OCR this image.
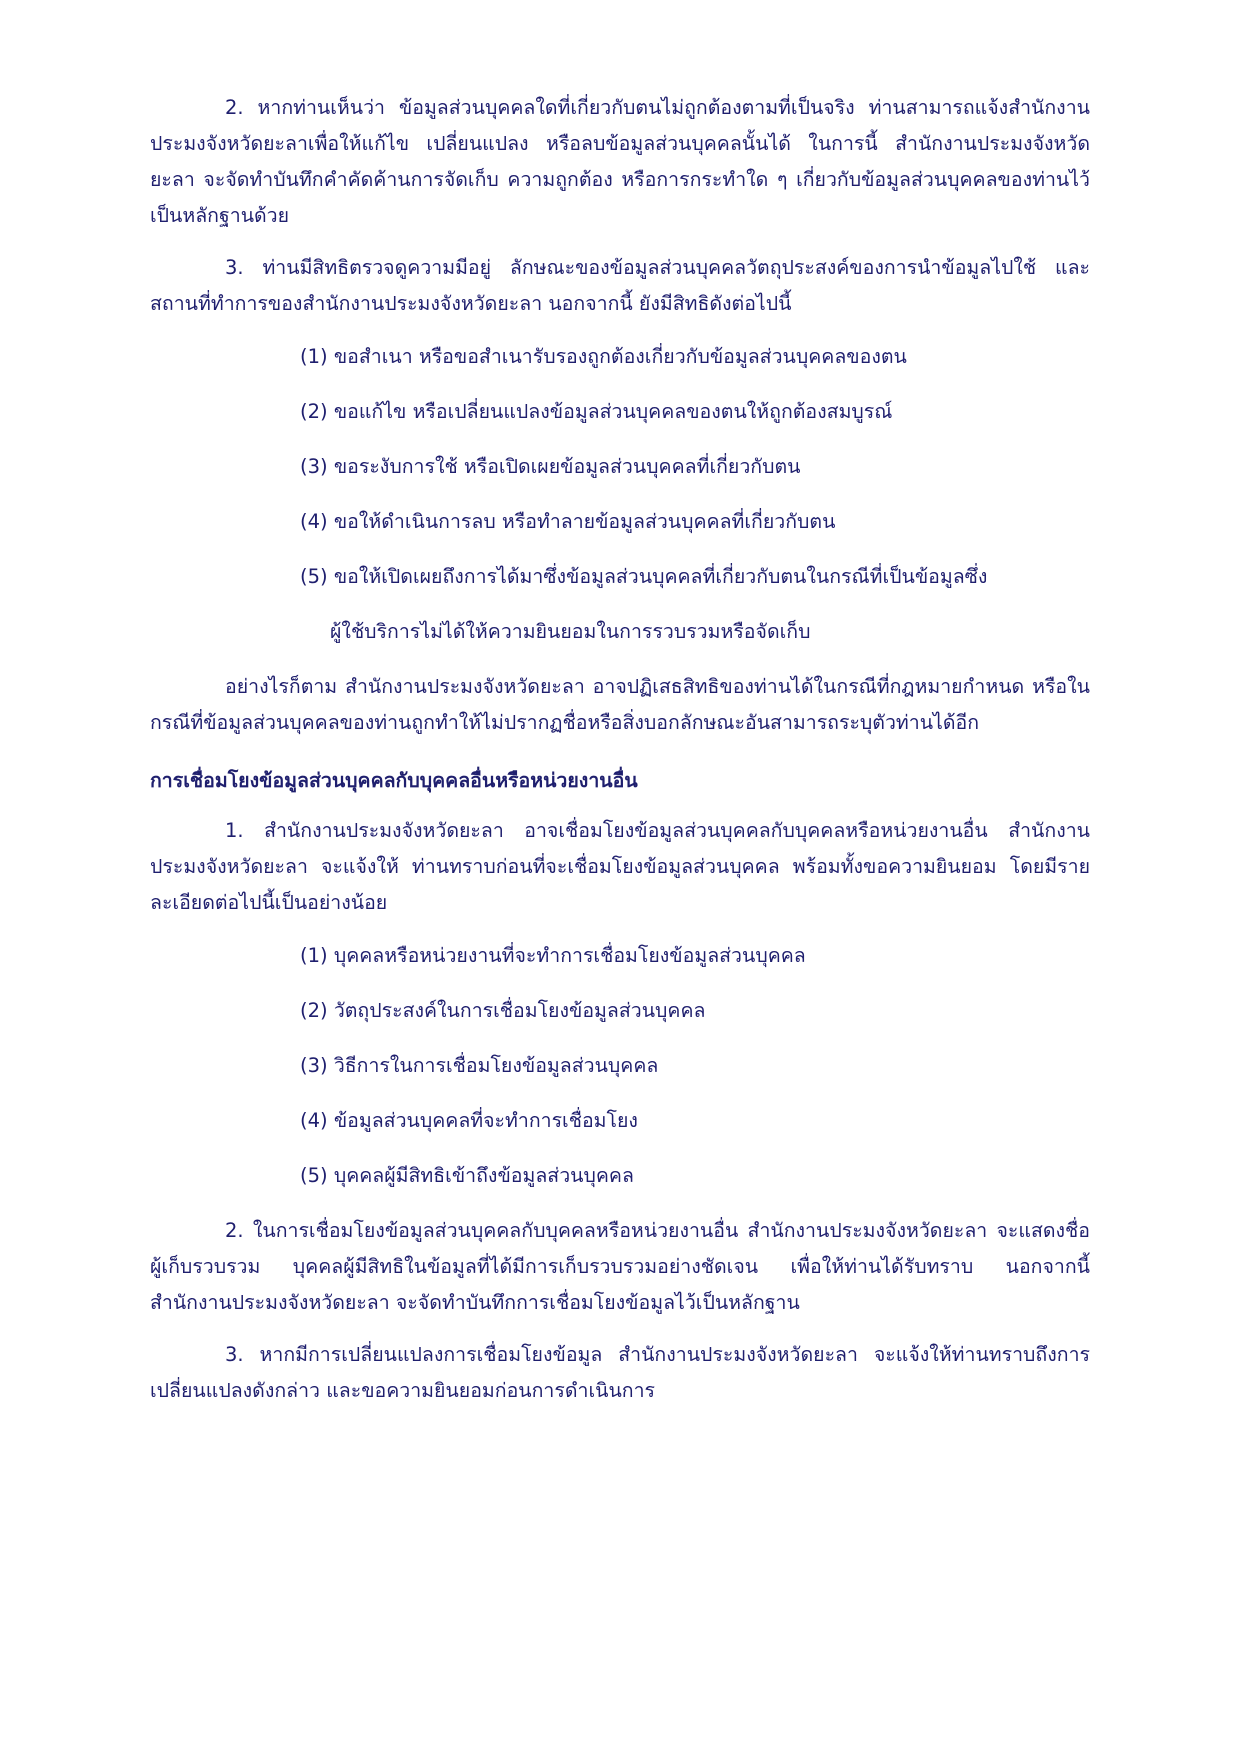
2. หากท่านเห็นว่า ข้อมูลส่วนบุคคลใดที่เกี่ยวกับตนไม่ถูกต้องตามที่เป็นจริง ท่านสามารถแจ้งสำนักงานประมงจังหวัดยะลาเพื่อให้แก้ไข เปลี่ยนแปลง หรือลบข้อมูลส่วนบุคคลนั้นได้ ในการนี้ สำนักงานประมงจังหวัดยะลา จะจัดทำบันทึกคำคัดค้านการจัดเก็บ ความถูกต้อง หรือการกระทำใด ๆ เกี่ยวกับข้อมูลส่วนบุคคลของท่านไว้เป็นหลักฐานด้วย

3. ท่านมีสิทธิตรวจดูความมีอยู่ ลักษณะของข้อมูลส่วนบุคคลวัตถุประสงค์ของการนำข้อมูลไปใช้ และสถานที่ทำการของสำนักงานประมงจังหวัดยะลา นอกจากนี้ ยังมีสิทธิดังต่อไปนี้

(1) ขอสำเนา หรือขอสำเนารับรองถูกต้องเกี่ยวกับข้อมูลส่วนบุคคลของตน
(2) ขอแก้ไข หรือเปลี่ยนแปลงข้อมูลส่วนบุคคลของตนให้ถูกต้องสมบูรณ์
(3) ขอระงับการใช้ หรือเปิดเผยข้อมูลส่วนบุคคลที่เกี่ยวกับตน
(4) ขอให้ดำเนินการลบ หรือทำลายข้อมูลส่วนบุคคลที่เกี่ยวกับตน
(5) ขอให้เปิดเผยถึงการได้มาซึ่งข้อมูลส่วนบุคคลที่เกี่ยวกับตนในกรณีที่เป็นข้อมูลซึ่ง
ผู้ใช้บริการไม่ได้ให้ความยินยอมในการรวบรวมหรือจัดเก็บ

อย่างไรก็ตาม สำนักงานประมงจังหวัดยะลา อาจปฏิเสธสิทธิของท่านได้ในกรณีที่กฎหมายกำหนด หรือในกรณีที่ข้อมูลส่วนบุคคลของท่านถูกทำให้ไม่ปรากฏชื่อหรือสิ่งบอกลักษณะอันสามารถระบุตัวท่านได้อีก

การเชื่อมโยงข้อมูลส่วนบุคคลกับบุคคลอื่นหรือหน่วยงานอื่น

1. สำนักงานประมงจังหวัดยะลา อาจเชื่อมโยงข้อมูลส่วนบุคคลกับบุคคลหรือหน่วยงานอื่น สำนักงานประมงจังหวัดยะลา จะแจ้งให้ ท่านทราบก่อนที่จะเชื่อมโยงข้อมูลส่วนบุคคล พร้อมทั้งขอความยินยอม โดยมีรายละเอียดต่อไปนี้เป็นอย่างน้อย

(1) บุคคลหรือหน่วยงานที่จะทำการเชื่อมโยงข้อมูลส่วนบุคคล
(2) วัตถุประสงค์ในการเชื่อมโยงข้อมูลส่วนบุคคล
(3) วิธีการในการเชื่อมโยงข้อมูลส่วนบุคคล
(4) ข้อมูลส่วนบุคคลที่จะทำการเชื่อมโยง
(5) บุคคลผู้มีสิทธิเข้าถึงข้อมูลส่วนบุคคล

2. ในการเชื่อมโยงข้อมูลส่วนบุคคลกับบุคคลหรือหน่วยงานอื่น สำนักงานประมงจังหวัดยะลา จะแสดงชื่อผู้เก็บรวบรวม บุคคลผู้มีสิทธิในข้อมูลที่ได้มีการเก็บรวบรวมอย่างชัดเจน เพื่อให้ท่านได้รับทราบ นอกจากนี้ สำนักงานประมงจังหวัดยะลา จะจัดทำบันทึกการเชื่อมโยงข้อมูลไว้เป็นหลักฐาน

3. หากมีการเปลี่ยนแปลงการเชื่อมโยงข้อมูล สำนักงานประมงจังหวัดยะลา จะแจ้งให้ท่านทราบถึงการเปลี่ยนแปลงดังกล่าว และขอความยินยอมก่อนการดำเนินการ
